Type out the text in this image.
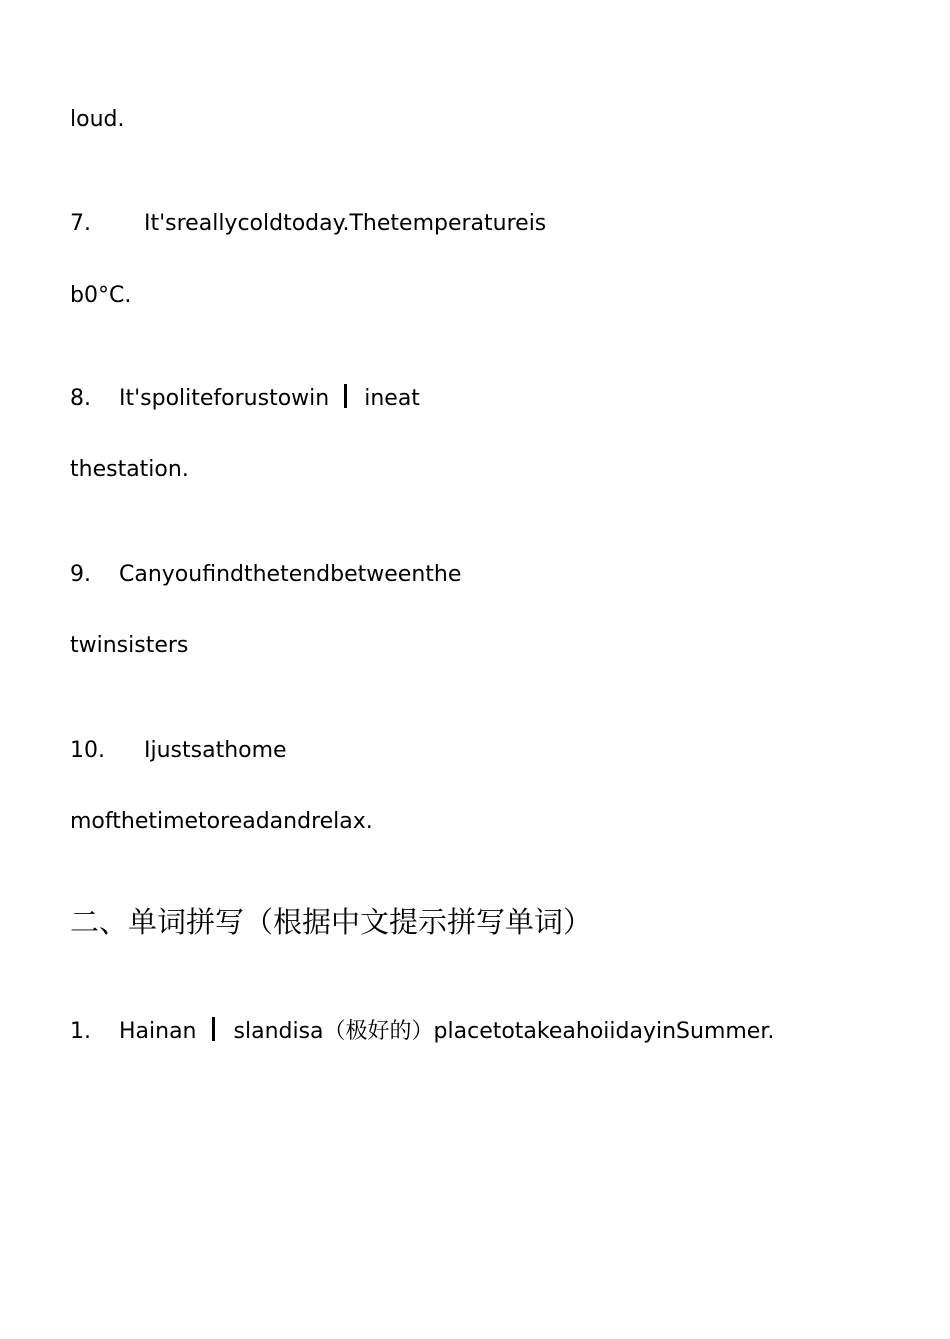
loud.
7. It'sreallycoldtoday.Thetemperatureis
b0°C.
8. It'spoliteforustowin ineat
thestation.
9. Canyoufindthetendbetweenthe
twinsisters
10. Ijustsathome
mofthetimetoreadandrelax.
二、单词拼写（根据中文提示拼写单词）
1. Hainan slandisa（极好的）placetotakeahoiidayinSummer.
